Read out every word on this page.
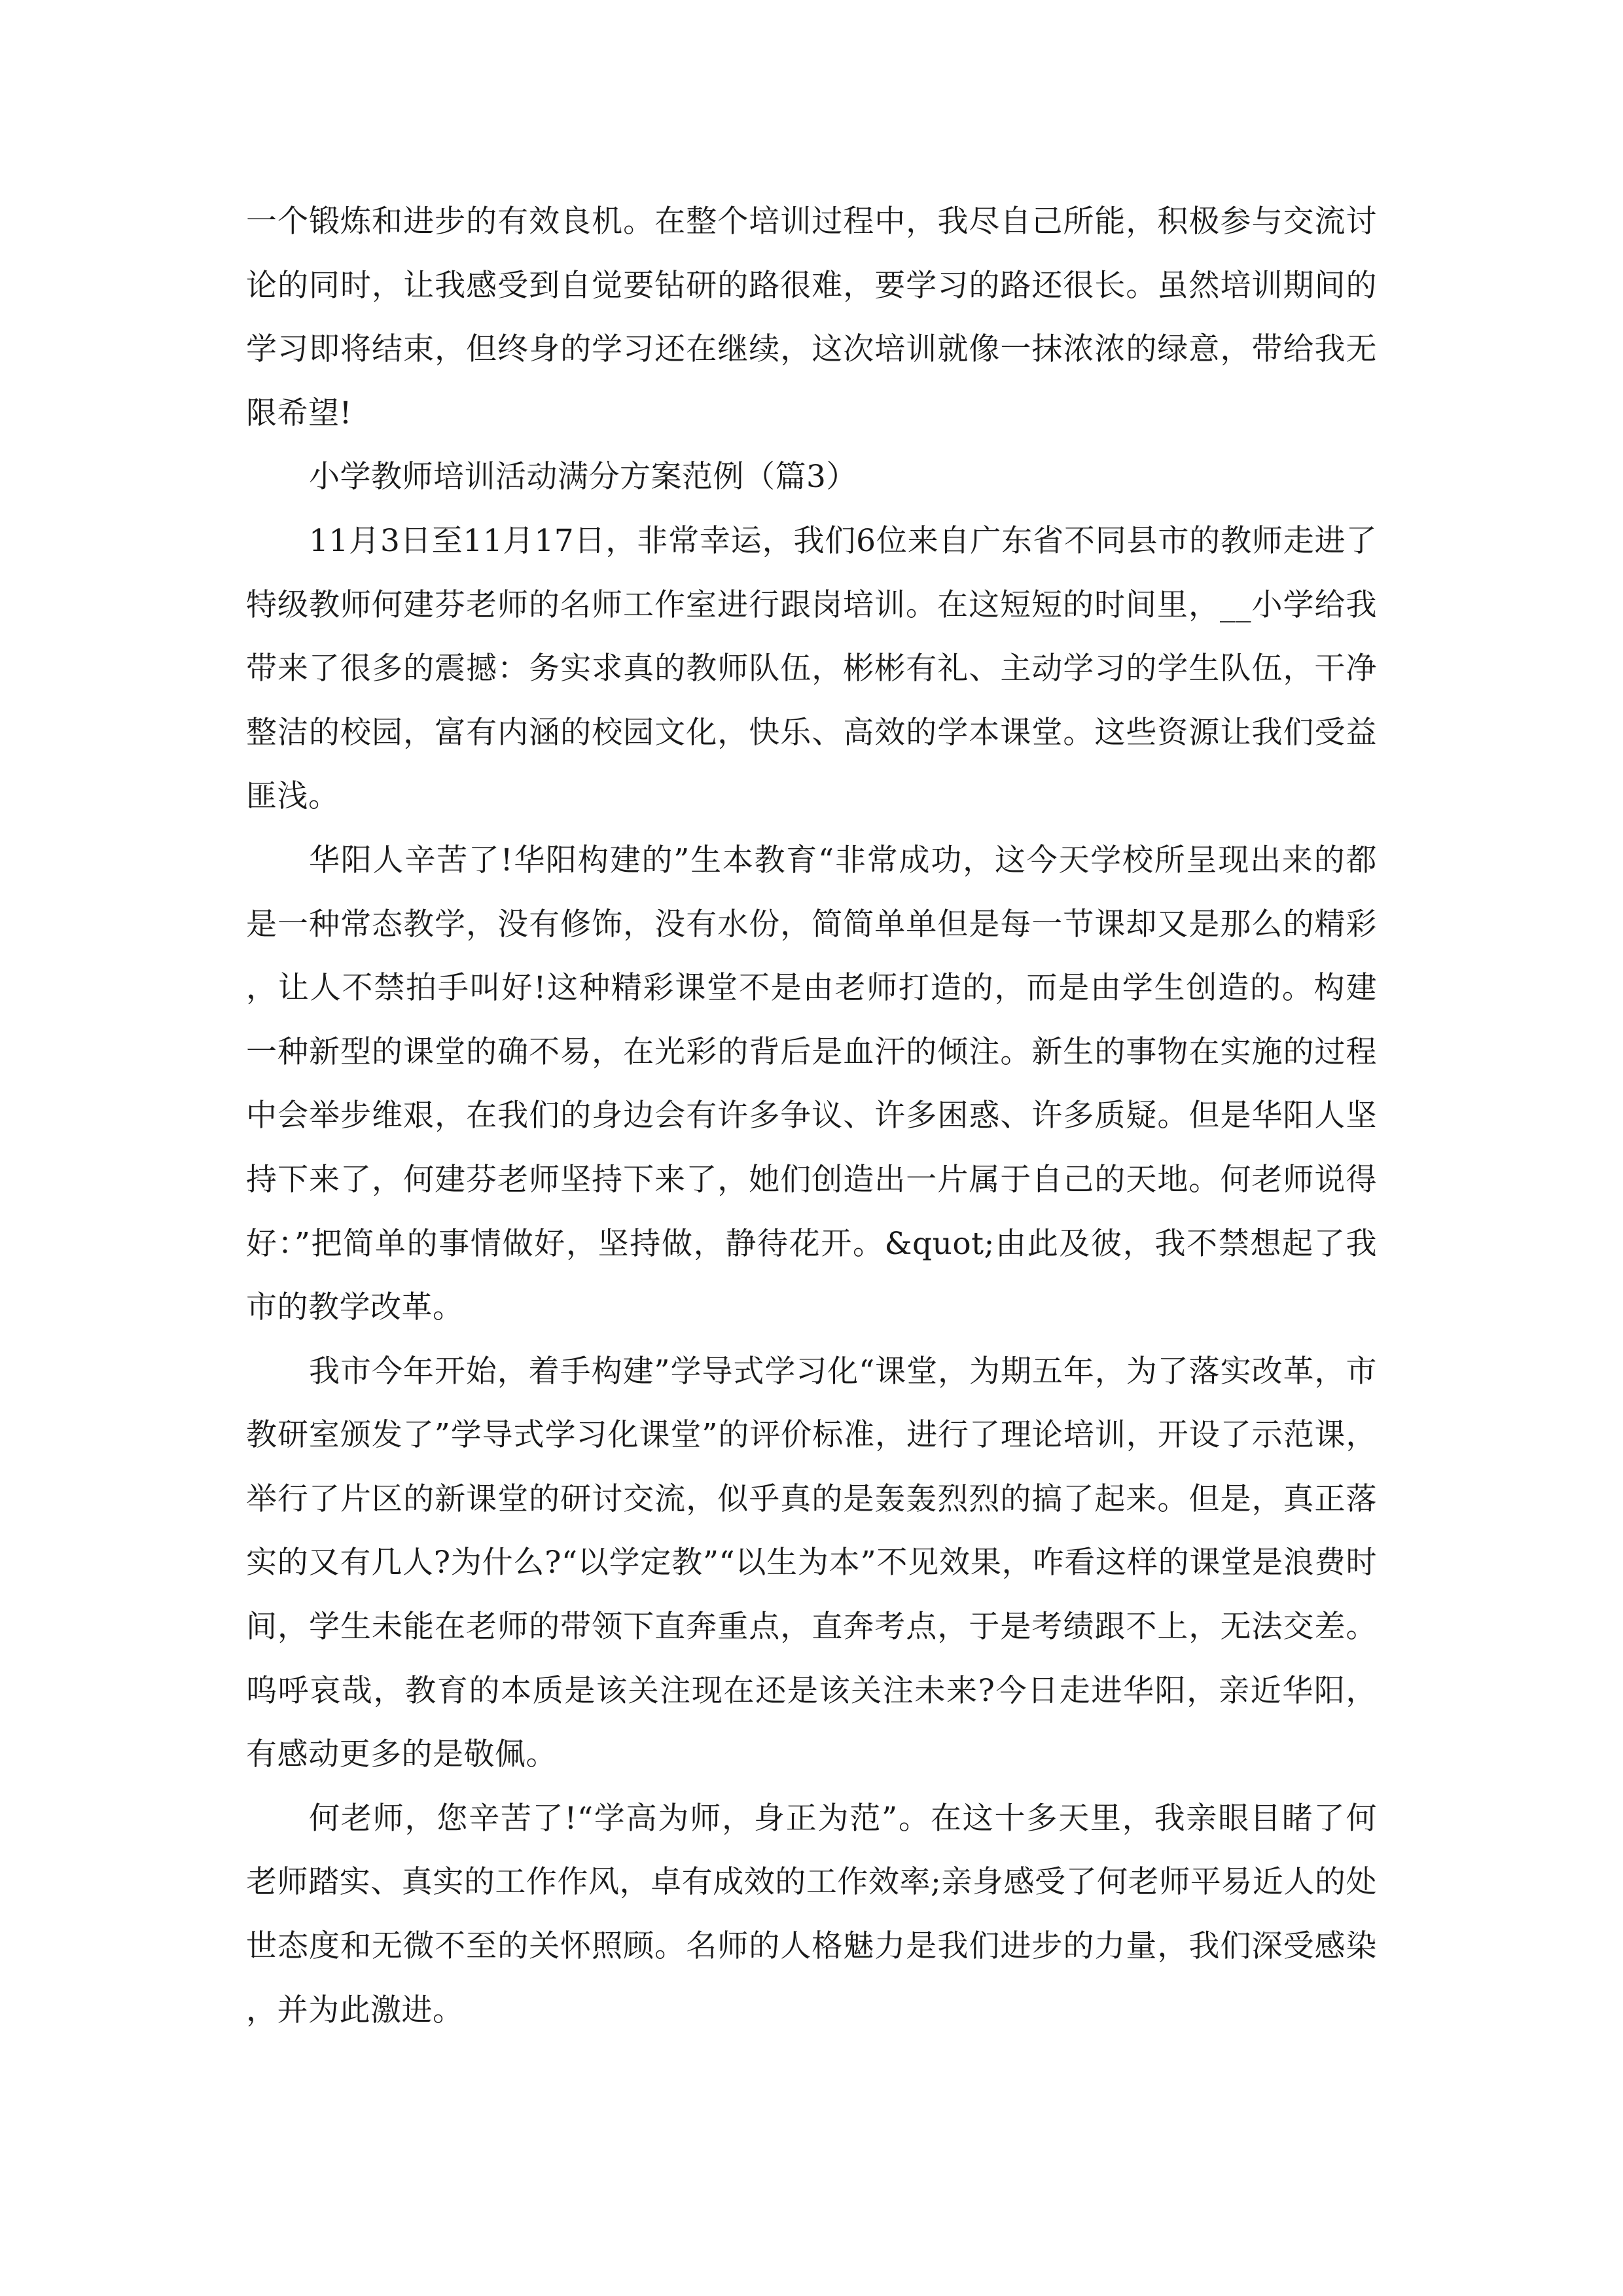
一个锻炼和进步的有效良机。在整个培训过程中，我尽自己所能，积极参与交流讨论的同时，让我感受到自觉要钻研的路很难，要学习的路还很长。虽然培训期间的学习即将结束，但终身的学习还在继续，这次培训就像一抹浓浓的绿意，带给我无限希望!

小学教师培训活动满分方案范例（篇3）

11月3日至11月17日，非常幸运，我们6位来自广东省不同县市的教师走进了特级教师何建芬老师的名师工作室进行跟岗培训。在这短短的时间里，__小学给我带来了很多的震撼：务实求真的教师队伍，彬彬有礼、主动学习的学生队伍，干净整洁的校园，富有内涵的校园文化，快乐、高效的学本课堂。这些资源让我们受益匪浅。

华阳人辛苦了!华阳构建的”生本教育“非常成功，这今天学校所呈现出来的都是一种常态教学，没有修饰，没有水份，简简单单但是每一节课却又是那么的精彩，让人不禁拍手叫好!这种精彩课堂不是由老师打造的，而是由学生创造的。构建一种新型的课堂的确不易，在光彩的背后是血汗的倾注。新生的事物在实施的过程中会举步维艰，在我们的身边会有许多争议、许多困惑、许多质疑。但是华阳人坚持下来了，何建芬老师坚持下来了，她们创造出一片属于自己的天地。何老师说得好：”把简单的事情做好，坚持做，静待花开。&quot;由此及彼，我不禁想起了我市的教学改革。

我市今年开始，着手构建”学导式学习化“课堂，为期五年，为了落实改革，市教研室颁发了”学导式学习化课堂”的评价标准，进行了理论培训，开设了示范课，举行了片区的新课堂的研讨交流，似乎真的是轰轰烈烈的搞了起来。但是，真正落实的又有几人?为什么?“以学定教”“以生为本”不见效果，咋看这样的课堂是浪费时间，学生未能在老师的带领下直奔重点，直奔考点，于是考绩跟不上，无法交差。呜呼哀哉，教育的本质是该关注现在还是该关注未来?今日走进华阳，亲近华阳，有感动更多的是敬佩。

何老师，您辛苦了!“学高为师，身正为范”。在这十多天里，我亲眼目睹了何老师踏实、真实的工作作风，卓有成效的工作效率;亲身感受了何老师平易近人的处世态度和无微不至的关怀照顾。名师的人格魅力是我们进步的力量，我们深受感染，并为此激进。
